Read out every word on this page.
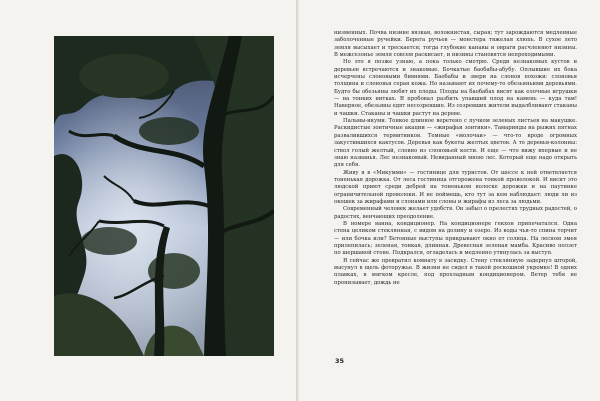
низменных. Почва низине вязкая, волокнистая, сырая; тут зарождаются медленные заболоченные ручейки. Берега ручьев — монстера тяжелая хлюпь. В сухое лето земля высыхает и трескается; тогда глубокие канавы и овраги расчленяют низины. В межсезонье земля совсем раскисает, и низины становятся непроходимыми.

Но это я позже узнаю, а пока только смотрю. Среди незнакомых кустов и деревьев встречаются и знакомые. Бочкатые баобабы-абубу. Оплывшие их бока исчерчены слоновыми бивнями. Баобабы и звери на слонов похожи: слоновья толщина и слоновья серая кожа. Но называют их почему-то обезьяньими деревьями. Будто бы обезьяны любят их плоды. Плоды на баобабах висят как елочные игрушки — на тонких нитках. Я пробовал разбить упавший плод на камень — куда там! Наверное, обезьяны едят несозревшие. Из созревших жители выдалбливают стаканы и чашки. Стаканы и чашки растут на дереве.

Пальмы-икуми. Тонкое длинное веретено с пучком зеленых листьев на макушке. Раскидистые зонтичные акации — «жирафьи зонтики». Тамаринды на рыжих пятнах развалившихся термитников. Темные «молочаи» — что-то вроде огромных закустившихся кактусов. Деревья как букеты желтых цветов. А то деревья-колонны: ствол голый желтый, словно из слоновьей кости. И еще — что вижу впервые и не знаю названья. Лес незнакомый. Невиданный мною лес. Который еще надо открыть для себя.

Живу я в «Микумми» — гостинице для туристов. От шоссе к ней ответвляется тоненькая дорожка. От леса гостиница отгорожена тонкой проволокой. И висит это людской приют среди дебрей на тоненьком волоске дорожки и на паутинке ограничительной проволоки. И не поймешь, кто тут за кем наблюдает: люди ли из окошек за жирафами и слонами или слоны и жирафы из леса за людьми.

Современный человек желает удобств. Он забыл о прелестях трудных радостей, о радостях, венчающих преодоление.

В номере ванна, кондиционер. На кондиционере гекхон припечатался. Одна стена целиком стеклянная, с видом на долину и озеро. Из воды чья-то спина торчит — или бочка или? Бетонные выступы прикрывают окно от солнца. На лесном змея прилепилась; зеленая, тонкая, длинная. Древесная зеленая мамба. Красиво ползет по шершавой стене. Подкрался, огладелась и медленно утянулась за выступ.

Я сейчас же превратил комнату в засидку. Стену стеклянную задернул шторой, высунул в щель фоторужье. В жизни не сидел в такой роскошной укромке! В одних плавках, в мягком кресле, под прохладным кондиционером. Ветер тебя не пронизывает, дождь не

35
